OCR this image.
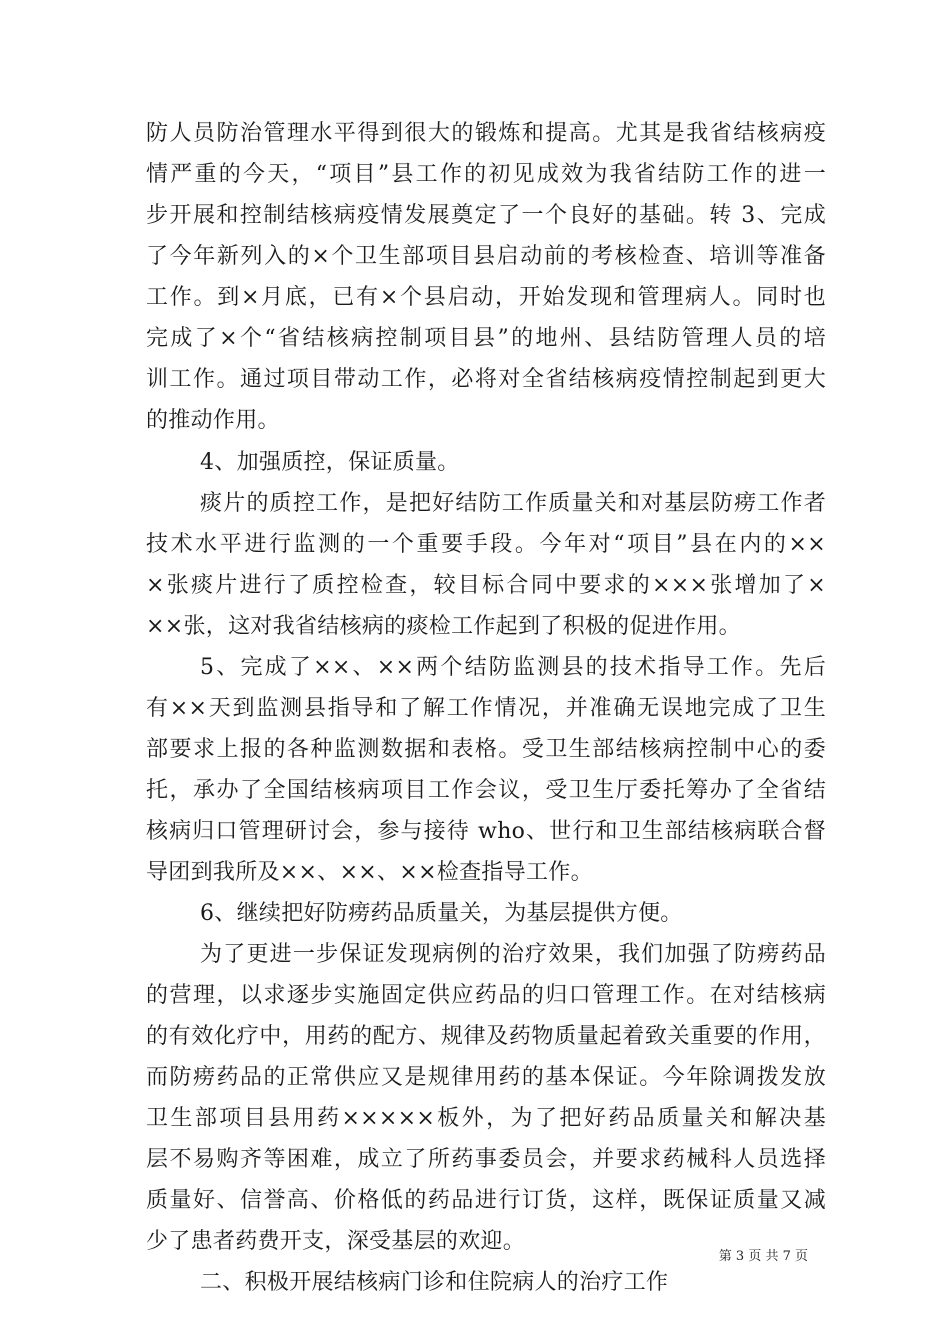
防人员防治管理水平得到很大的锻炼和提高。尤其是我省结核病疫
情严重的今天，“项目”县工作的初见成效为我省结防工作的进一
步开展和控制结核病疫情发展奠定了一个良好的基础。转 3、完成
了今年新列入的×个卫生部项目县启动前的考核检查、培训等准备
工作。到×月底，已有×个县启动，开始发现和管理病人。同时也
完成了×个“省结核病控制项目县”的地州、县结防管理人员的培
训工作。通过项目带动工作，必将对全省结核病疫情控制起到更大
的推动作用。
4、加强质控，保证质量。
痰片的质控工作，是把好结防工作质量关和对基层防痨工作者
技术水平进行监测的一个重要手段。今年对“项目”县在内的××
×张痰片进行了质控检查，较目标合同中要求的×××张增加了×
××张，这对我省结核病的痰检工作起到了积极的促进作用。
5、完成了××、××两个结防监测县的技术指导工作。先后
有××天到监测县指导和了解工作情况，并准确无误地完成了卫生
部要求上报的各种监测数据和表格。受卫生部结核病控制中心的委
托，承办了全国结核病项目工作会议，受卫生厅委托筹办了全省结
核病归口管理研讨会，参与接待 who、世行和卫生部结核病联合督
导团到我所及××、××、××检查指导工作。
6、继续把好防痨药品质量关，为基层提供方便。
为了更进一步保证发现病例的治疗效果，我们加强了防痨药品
的营理，以求逐步实施固定供应药品的归口管理工作。在对结核病
的有效化疗中，用药的配方、规律及药物质量起着致关重要的作用，
而防痨药品的正常供应又是规律用药的基本保证。今年除调拨发放
卫生部项目县用药×××××板外，为了把好药品质量关和解决基
层不易购齐等困难，成立了所药事委员会，并要求药械科人员选择
质量好、信誉高、价格低的药品进行订货，这样，既保证质量又减
少了患者药费开支，深受基层的欢迎。
二、积极开展结核病门诊和住院病人的治疗工作
第 3 页 共 7 页
